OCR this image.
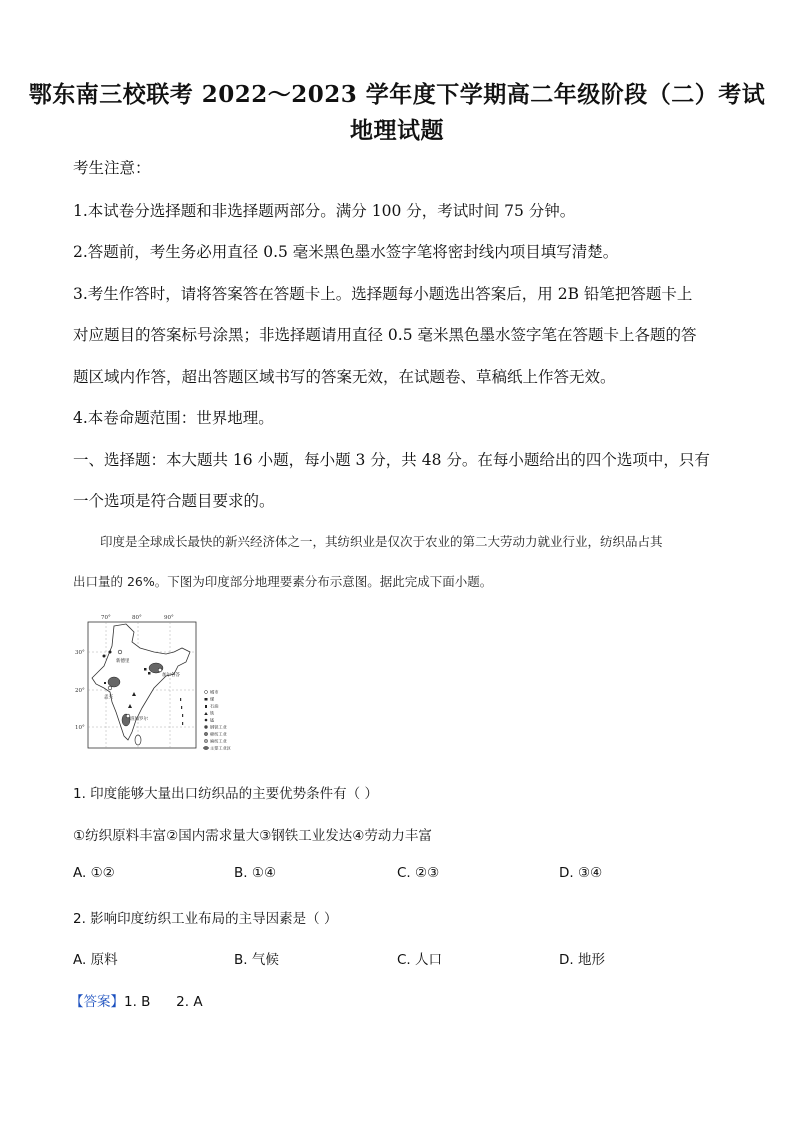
鄂东南三校联考 2022～2023 学年度下学期高二年级阶段（二）考试
地理试题
考生注意：
1.本试卷分选择题和非选择题两部分。满分 100 分，考试时间 75 分钟。
2.答题前，考生务必用直径 0.5 毫米黑色墨水签字笔将密封线内项目填写清楚。
3.考生作答时，请将答案答在答题卡上。选择题每小题选出答案后，用 2B 铅笔把答题卡上
对应题目的答案标号涂黑；非选择题请用直径 0.5 毫米黑色墨水签字笔在答题卡上各题的答
题区域内作答，超出答题区域书写的答案无效，在试题卷、草稿纸上作答无效。
4.本卷命题范围：世界地理。
一、选择题：本大题共 16 小题，每小题 3 分，共 48 分。在每小题给出的四个选项中，只有
一个选项是符合题目要求的。
印度是全球成长最快的新兴经济体之一，其纺织业是仅次于农业的第二大劳动力就业行业，纺织品占其
出口量的 26%。下图为印度部分地理要素分布示意图。据此完成下面小题。
70°	80°	90°
30°
20°
10°
新德里
孟买
加尔各答
班加罗尔
城市
煤
石油
铁
锰
钢铁工业
棉纺工业
麻纺工业
主要工业区
1. 印度能够大量出口纺织品的主要优势条件有（ ）
①纺织原料丰富②国内需求量大③钢铁工业发达④劳动力丰富
A. ①②	B. ①④	C. ②③	D. ③④
2. 影响印度纺织工业布局的主导因素是（ ）
A. 原料	B. 气候	C. 人口	D. 地形
【答案】1. B      2. A
